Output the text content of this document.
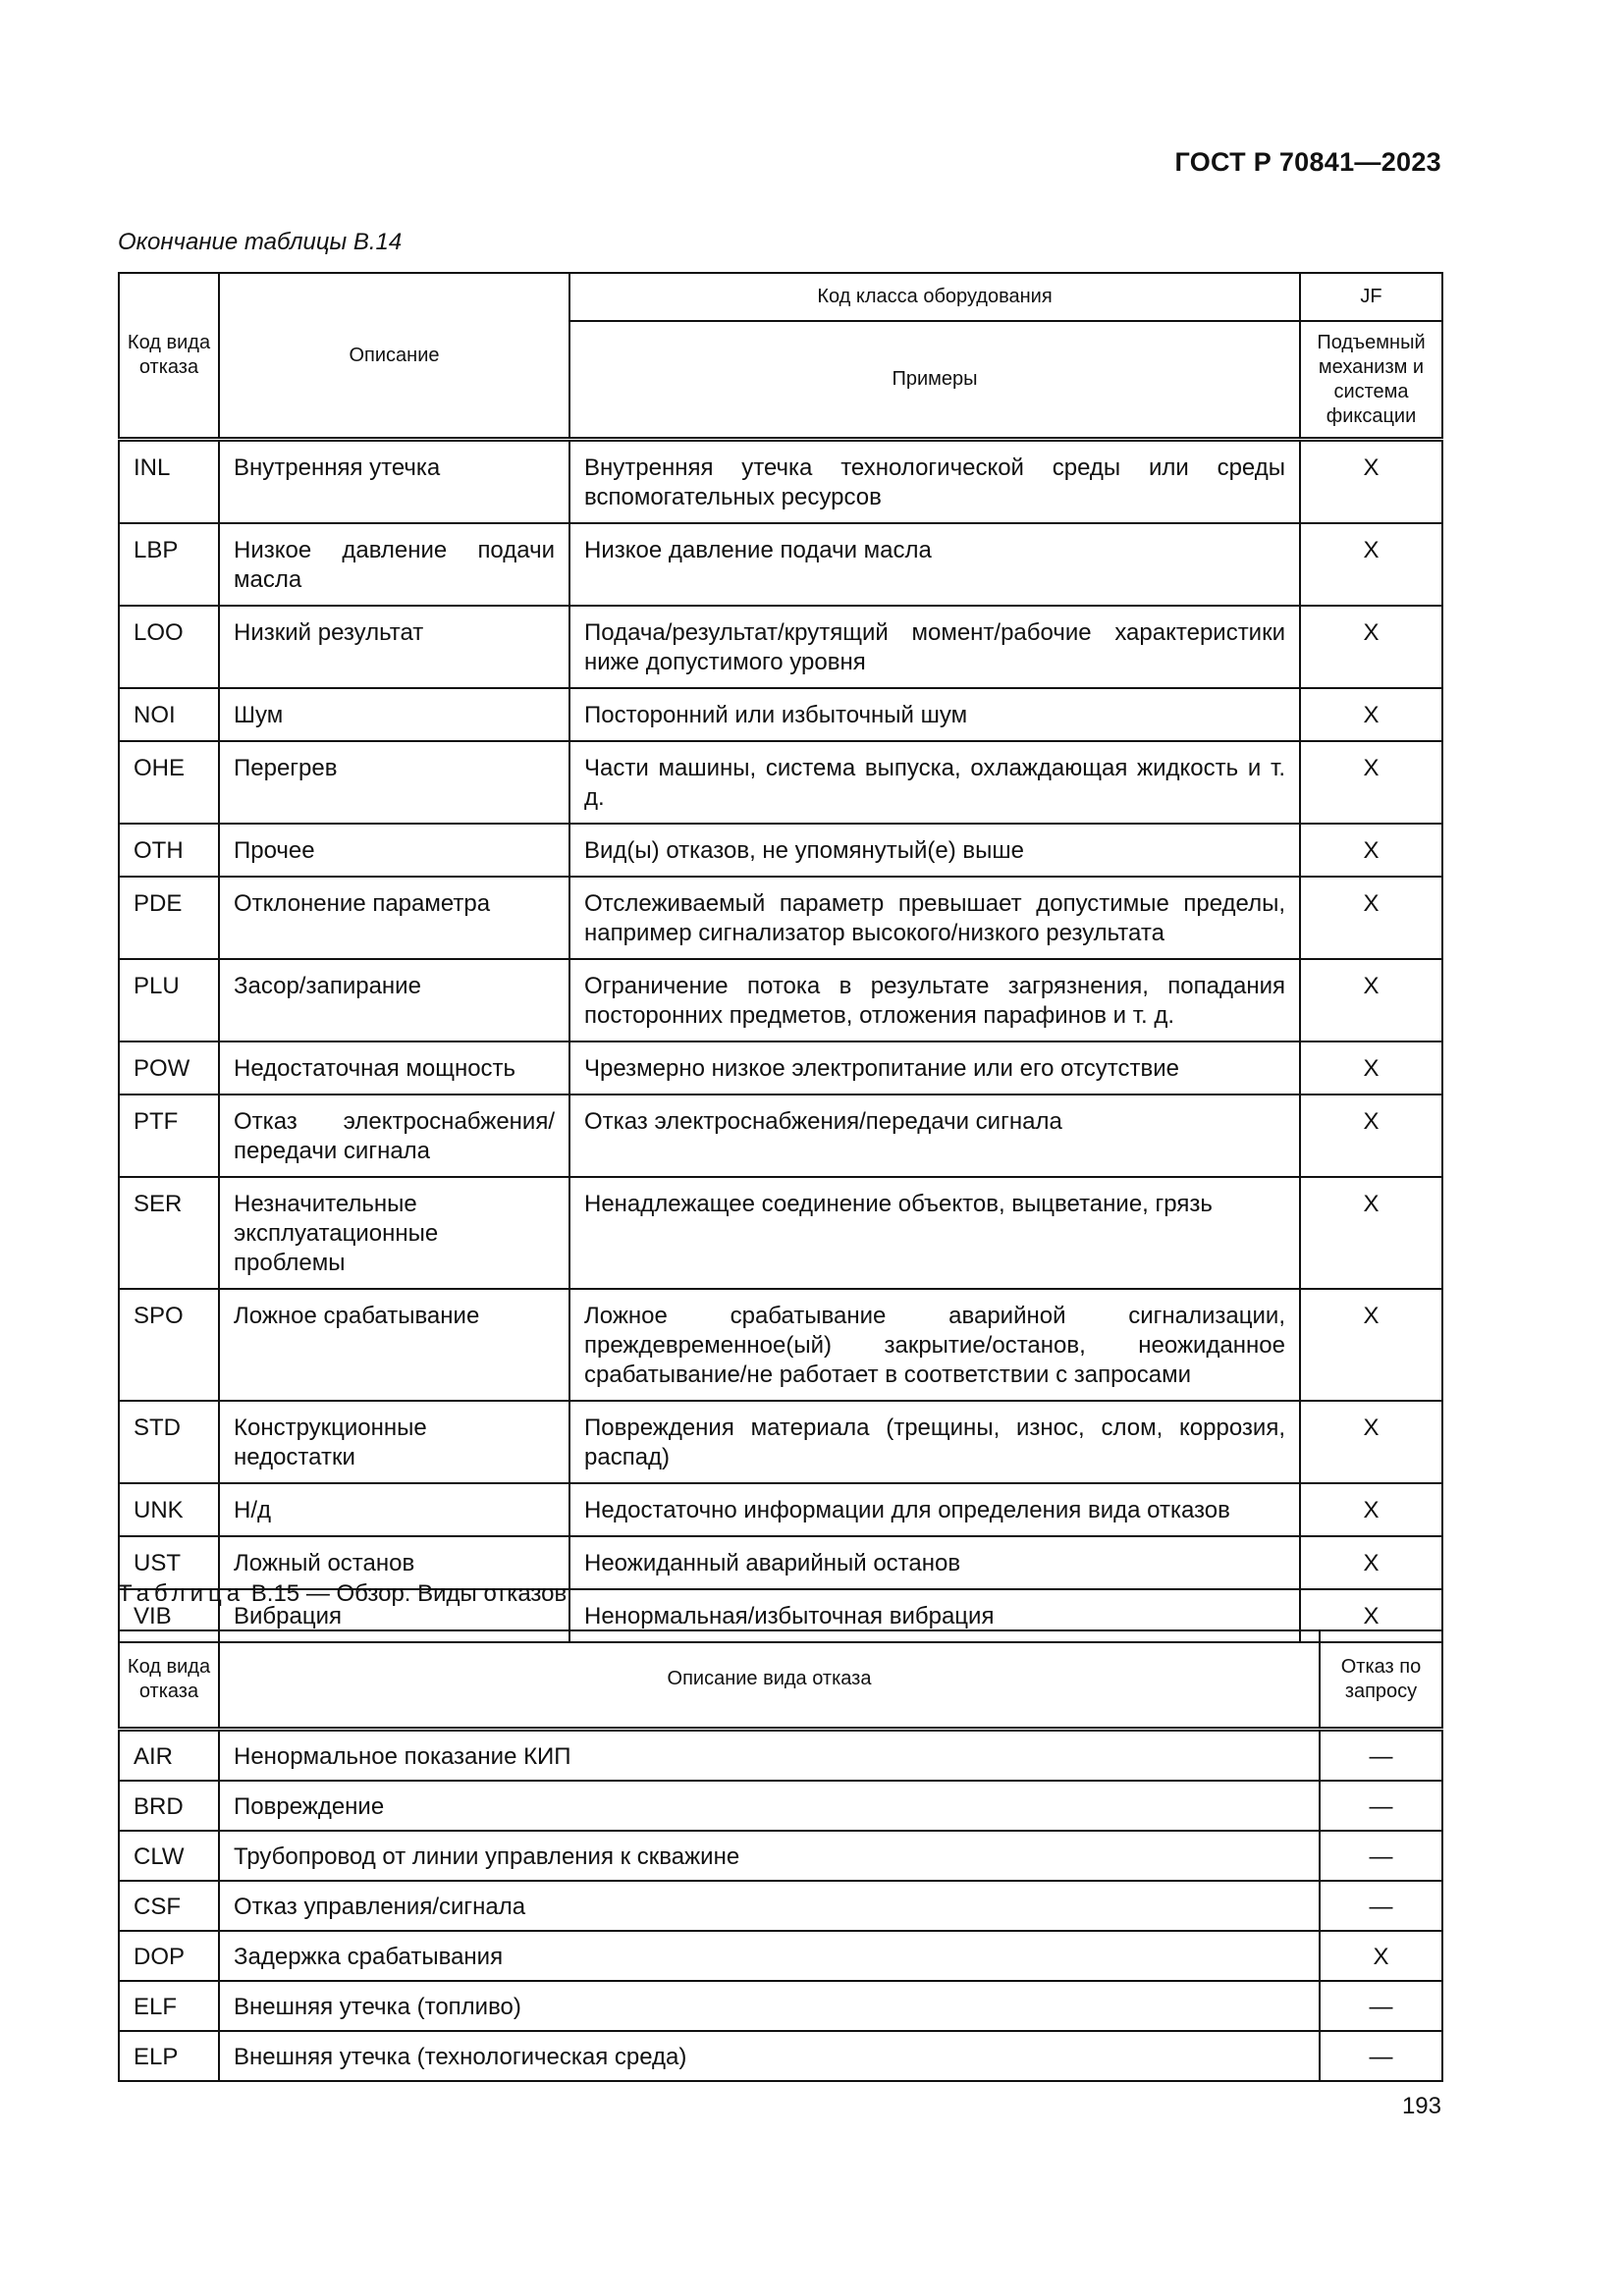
ГОСТ Р 70841—2023
Окончание таблицы В.14
Код вида отказа	Описание	Код класса оборудования	JF
		Примеры	Подъемный механизм и система фиксации
INL	Внутренняя утечка	Внутренняя утечка технологической среды или среды вспомогательных ресурсов	X
LBP	Низкое давление подачи масла	Низкое давление подачи масла	X
LOO	Низкий результат	Подача/результат/крутящий момент/рабочие характеристики ниже допустимого уровня	X
NOI	Шум	Посторонний или избыточный шум	X
OHE	Перегрев	Части машины, система выпуска, охлаждающая жидкость и т. д.	X
OTH	Прочее	Вид(ы) отказов, не упомянутый(е) выше	X
PDE	Отклонение параметра	Отслеживаемый параметр превышает допустимые пределы, например сигнализатор высокого/низкого результата	X
PLU	Засор/запирание	Ограничение потока в результате загрязнения, попадания посторонних предметов, отложения парафинов и т. д.	X
POW	Недостаточная мощность	Чрезмерно низкое электропитание или его отсутствие	X
PTF	Отказ электроснабжения/передачи сигнала	Отказ электроснабжения/передачи сигнала	X
SER	Незначительные эксплуатационные проблемы	Ненадлежащее соединение объектов, выцветание, грязь	X
SPO	Ложное срабатывание	Ложное срабатывание аварийной сигнализации, преждевременное(ый) закрытие/останов, неожиданное срабатывание/не работает в соответствии с запросами	X
STD	Конструкционные недостатки	Повреждения материала (трещины, износ, слом, коррозия, распад)	X
UNK	Н/д	Недостаточно информации для определения вида отказов	X
UST	Ложный останов	Неожиданный аварийный останов	X
VIB	Вибрация	Ненормальная/избыточная вибрация	X
Таблица В.15 — Обзор. Виды отказов
Код вида отказа	Описание вида отказа	Отказ по запросу
AIR	Ненормальное показание КИП	—
BRD	Повреждение	—
CLW	Трубопровод от линии управления к скважине	—
CSF	Отказ управления/сигнала	—
DOP	Задержка срабатывания	X
ELF	Внешняя утечка (топливо)	—
ELP	Внешняя утечка (технологическая среда)	—
193
